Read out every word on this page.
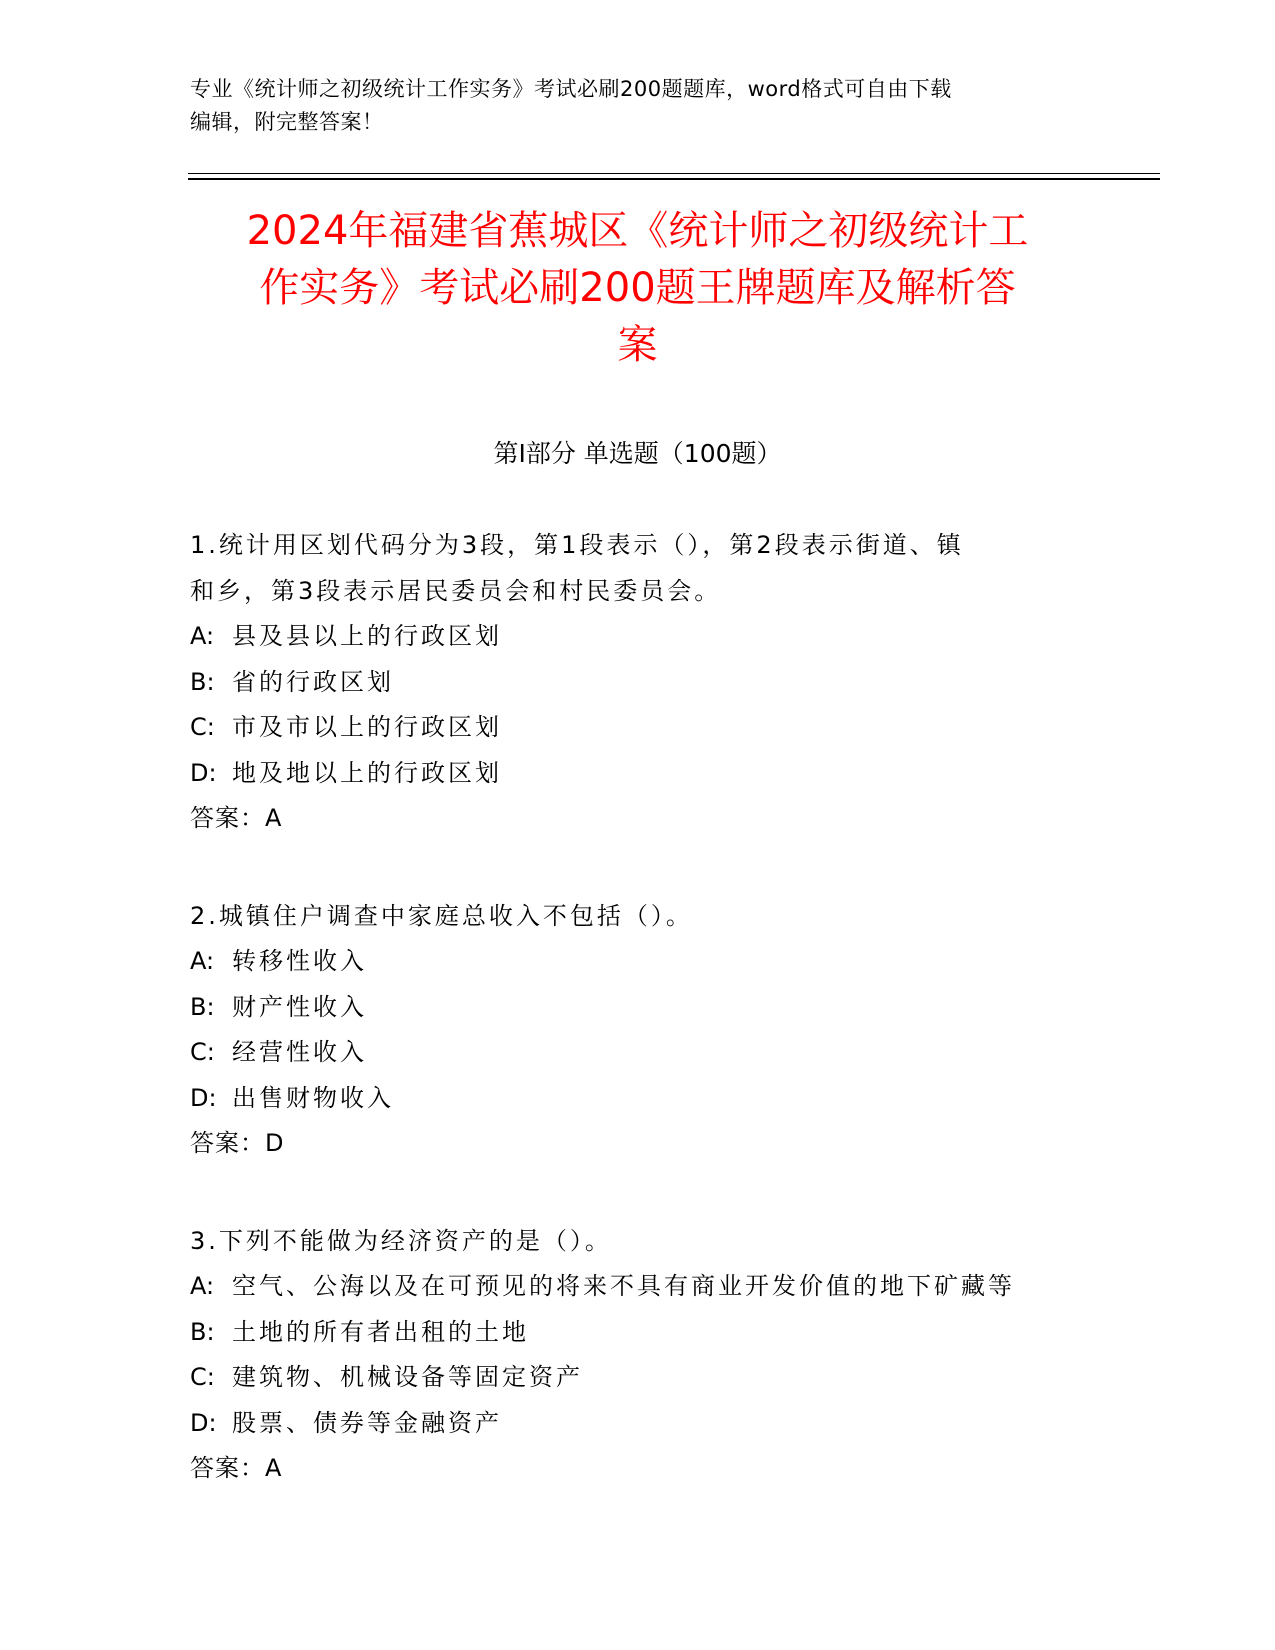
专业《统计师之初级统计工作实务》考试必刷200题题库，word格式可自由下载
编辑，附完整答案！
2024年福建省蕉城区《统计师之初级统计工
作实务》考试必刷200题王牌题库及解析答
案
第Ⅰ部分 单选题（100题）
1.统计用区划代码分为3段，第1段表示（），第2段表示街道、镇
和乡，第3段表示居民委员会和村民委员会。
A: 县及县以上的行政区划
B: 省的行政区划
C: 市及市以上的行政区划
D: 地及地以上的行政区划
答案：A
2.城镇住户调查中家庭总收入不包括（）。
A: 转移性收入
B: 财产性收入
C: 经营性收入
D: 出售财物收入
答案：D
3.下列不能做为经济资产的是（）。
A: 空气、公海以及在可预见的将来不具有商业开发价值的地下矿藏等
B: 土地的所有者出租的土地
C: 建筑物、机械设备等固定资产
D: 股票、债券等金融资产
答案：A
